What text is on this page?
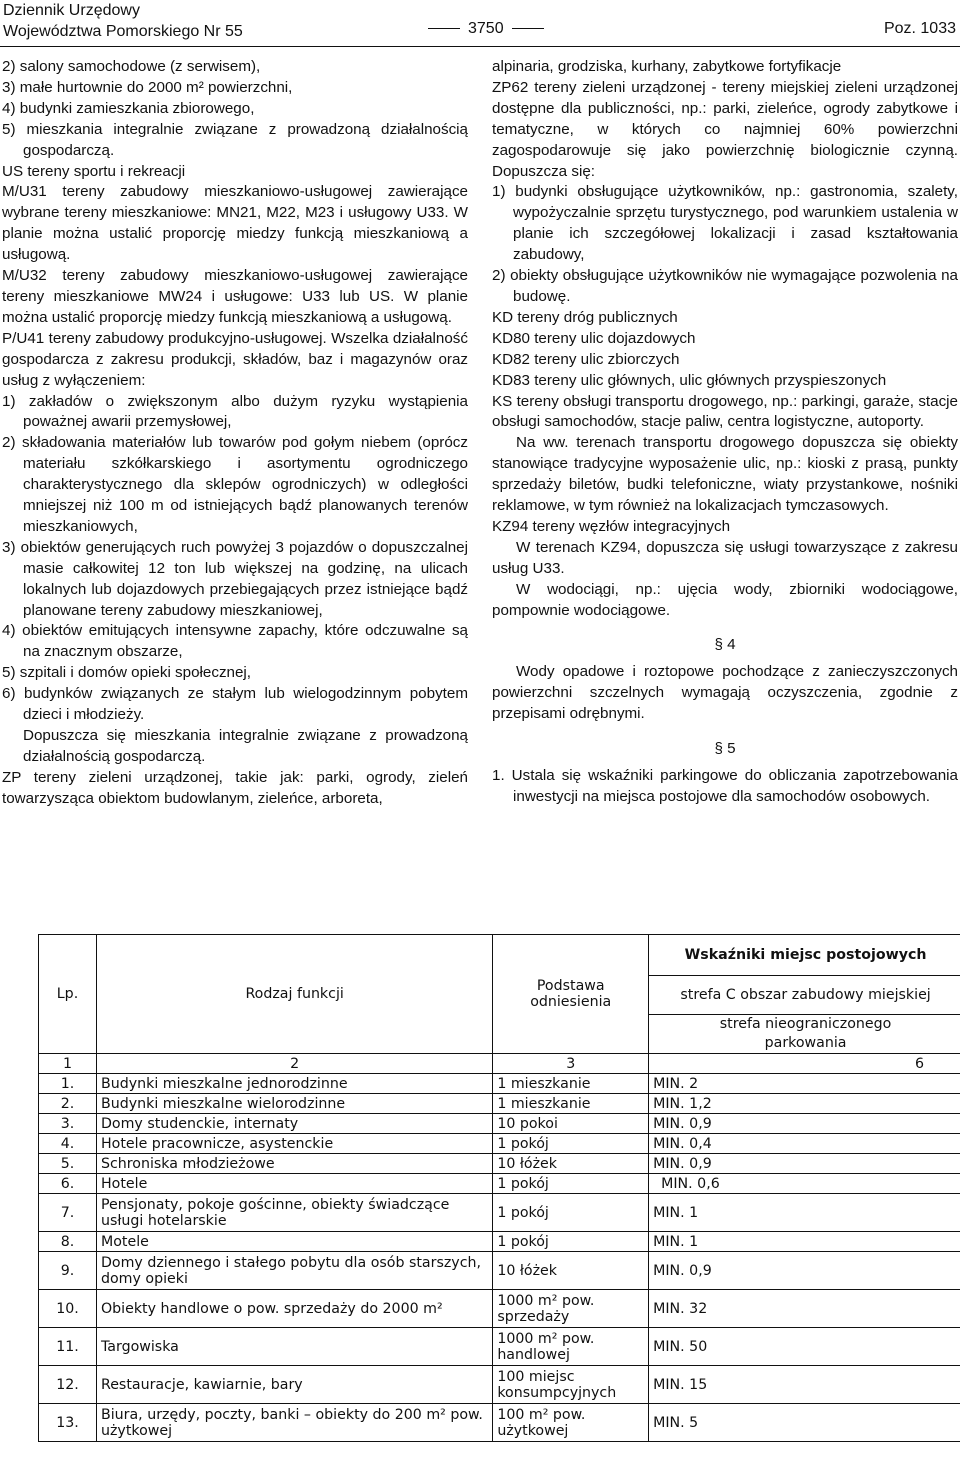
Dziennik Urzędowy
Województwa Pomorskiego Nr 55	3750	Poz. 1033

2) salony samochodowe (z serwisem),

3) małe hurtownie do 2000 m² powierzchni,

4) budynki zamieszkania zbiorowego,

5) mieszkania integralnie związane z prowadzoną działalnością gospodarczą.

US tereny sportu i rekreacji

M/U31 tereny zabudowy mieszkaniowo-usługowej zawierające wybrane tereny mieszkaniowe: MN21, M22, M23 i usługowy U33. W planie można ustalić proporcję miedzy funkcją mieszkaniową a usługową.

M/U32 tereny zabudowy mieszkaniowo-usługowej zawierające tereny mieszkaniowe MW24 i usługowe: U33 lub US. W planie można ustalić proporcję miedzy funkcją mieszkaniową a usługową.

P/U41 tereny zabudowy produkcyjno-usługowej. Wszelka działalność gospodarcza z zakresu produkcji, składów, baz i magazynów oraz usług z wyłączeniem:

1) zakładów o zwiększonym albo dużym ryzyku wystąpienia poważnej awarii przemysłowej,

2) składowania materiałów lub towarów pod gołym niebem (oprócz materiału szkółkarskiego i asortymentu ogrodniczego charakterystycznego dla sklepów ogrodniczych) w odległości mniejszej niż 100 m od istniejących bądź planowanych terenów mieszkaniowych,

3) obiektów generujących ruch powyżej 3 pojazdów o dopuszczalnej masie całkowitej 12 ton lub większej na godzinę, na ulicach lokalnych lub dojazdowych przebiegających przez istniejące bądź planowane tereny zabudowy mieszkaniowej,

4) obiektów emitujących intensywne zapachy, które odczuwalne są na znacznym obszarze,

5) szpitali i domów opieki społecznej,

6) budynków związanych ze stałym lub wielogodzinnym pobytem dzieci i młodzieży.

Dopuszcza się mieszkania integralnie związane z prowadzoną działalnością gospodarczą.

ZP tereny zieleni urządzonej, takie jak: parki, ogrody, zieleń towarzysząca obiektom budowlanym, zieleńce, arboreta,

alpinaria, grodziska, kurhany, zabytkowe fortyfikacje

ZP62 tereny zieleni urządzonej - tereny miejskiej zieleni urządzonej dostępne dla publiczności, np.: parki, zieleńce, ogrody zabytkowe i tematyczne, w których co najmniej 60% powierzchni zagospodarowuje się jako powierzchnię biologicznie czynną. Dopuszcza się:

1) budynki obsługujące użytkowników, np.: gastronomia, szalety, wypożyczalnie sprzętu turystycznego, pod warunkiem ustalenia w planie ich szczegółowej lokalizacji i zasad kształtowania zabudowy,

2) obiekty obsługujące użytkowników nie wymagające pozwolenia na budowę.

KD tereny dróg publicznych

KD80 tereny ulic dojazdowych

KD82 tereny ulic zbiorczych

KD83 tereny ulic głównych, ulic głównych przyspieszonych

KS tereny obsługi transportu drogowego, np.: parkingi, garaże, stacje obsługi samochodów, stacje paliw, centra logistyczne, autoporty.

Na ww. terenach transportu drogowego dopuszcza się obiekty stanowiące tradycyjne wyposażenie ulic, np.: kioski z prasą, punkty sprzedaży biletów, budki telefoniczne, wiaty przystankowe, nośniki reklamowe, w tym również na lokalizacjach tymczasowych.

KZ94 tereny węzłów integracyjnych

W terenach KZ94, dopuszcza się usługi towarzyszące z zakresu usług U33.

W wodociągi, np.: ujęcia wody, zbiorniki wodociągowe, pompownie wodociągowe.

§ 4

Wody opadowe i roztopowe pochodzące z zanieczyszczonych powierzchni szczelnych wymagają oczyszczenia, zgodnie z przepisami odrębnymi.

§ 5

1. Ustala się wskaźniki parkingowe do obliczania zapotrzebowania inwestycji na miejsca postojowe dla samochodów osobowych.

Lp.	Rodzaj funkcji	Podstawa odniesienia	Wskaźniki miejsc postojowych
			strefa C obszar zabudowy miejskiej
			strefa nieograniczonego parkowania
1	2	3	6
1.	Budynki mieszkalne jednorodzinne	1 mieszkanie	MIN. 2
2.	Budynki mieszkalne wielorodzinne	1 mieszkanie	MIN. 1,2
3.	Domy studenckie, internaty	10 pokoi	MIN. 0,9
4.	Hotele pracownicze, asystenckie	1 pokój	MIN. 0,4
5.	Schroniska młodzieżowe	10 łóżek	MIN. 0,9
6.	Hotele	1 pokój	MIN. 0,6
7.	Pensjonaty, pokoje gościnne, obiekty świadczące usługi hotelarskie	1 pokój	MIN. 1
8.	Motele	1 pokój	MIN. 1
9.	Domy dziennego i stałego pobytu dla osób starszych, domy opieki	10 łóżek	MIN. 0,9
10.	Obiekty handlowe o pow. sprzedaży do 2000 m²	1000 m² pow. sprzedaży	MIN. 32
11.	Targowiska	1000 m² pow. handlowej	MIN. 50
12.	Restauracje, kawiarnie, bary	100 miejsc konsumpcyjnych	MIN. 15
13.	Biura, urzędy, poczty, banki – obiekty do 200 m² pow. użytkowej	100 m² pow. użytkowej	MIN. 5
